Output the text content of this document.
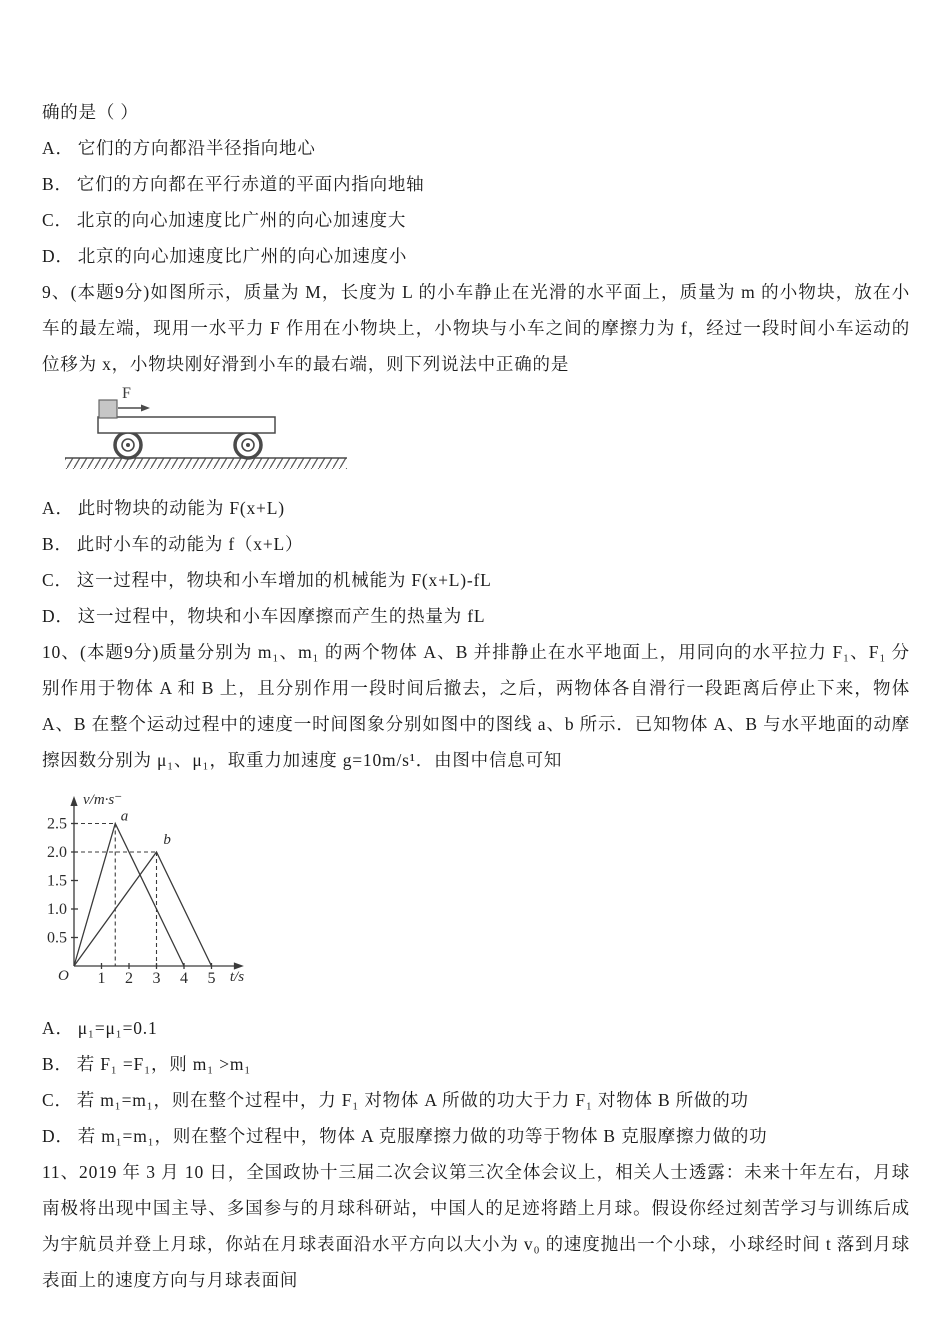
确的是（ ）

A． 它们的方向都沿半径指向地心
B． 它们的方向都在平行赤道的平面内指向地轴
C． 北京的向心加速度比广州的向心加速度大
D． 北京的向心加速度比广州的向心加速度小

9、(本题9分)如图所示，质量为 M，长度为 L 的小车静止在光滑的水平面上，质量为 m 的小物块，放在小车的最左端，现用一水平力 F 作用在小物块上，小物块与小车之间的摩擦力为 f，经过一段时间小车运动的位移为 x，小物块刚好滑到小车的最右端，则下列说法中正确的是

F
A． 此时物块的动能为 F(x+L)
B． 此时小车的动能为 f（x+L）
C． 这一过程中，物块和小车增加的机械能为 F(x+L)-fL
D． 这一过程中，物块和小车因摩擦而产生的热量为 fL

10、(本题9分)质量分别为 m₁、m₁ 的两个物体 A、B 并排静止在水平地面上，用同向的水平拉力 F₁、F₁ 分别作用于物体 A 和 B 上，且分别作用一段时间后撤去，之后，两物体各自滑行一段距离后停止下来，物体 A、B 在整个运动过程中的速度一时间图象分别如图中的图线 a、b 所示．已知物体 A、B 与水平地面的动摩擦因数分别为 μ₁、μ₁，取重力加速度 g=10m/s¹．由图中信息可知

v/m·s⁻
t/s
O 1 2 3 4 5
0.5
1.0
1.5
2.0
2.5	a
b
A． μ₁=μ₁=0.1
B． 若 F₁ =F₁，则 m₁ >m₁
C． 若 m₁=m₁，则在整个过程中，力 F₁ 对物体 A 所做的功大于力 F₁ 对物体 B 所做的功
D． 若 m₁=m₁，则在整个过程中，物体 A 克服摩擦力做的功等于物体 B 克服摩擦力做的功

11、2019 年 3 月 10 日，全国政协十三届二次会议第三次全体会议上，相关人士透露：未来十年左右，月球南极将出现中国主导、多国参与的月球科研站，中国人的足迹将踏上月球。假设你经过刻苦学习与训练后成为宇航员并登上月球，你站在月球表面沿水平方向以大小为 v₀ 的速度抛出一个小球，小球经时间 t 落到月球表面上的速度方向与月球表面间
